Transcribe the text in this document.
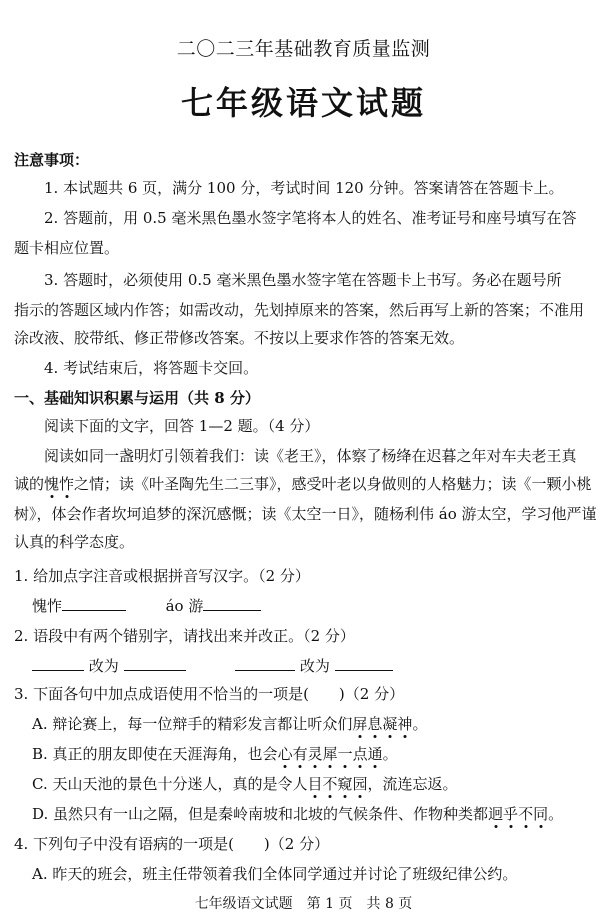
二〇二三年基础教育质量监测
七年级语文试题
注意事项：
1. 本试题共 6 页，满分 100 分，考试时间 120 分钟。答案请答在答题卡上。
2. 答题前，用 0.5 毫米黑色墨水签字笔将本人的姓名、准考证号和座号填写在答
题卡相应位置。
3. 答题时，必须使用 0.5 毫米黑色墨水签字笔在答题卡上书写。务必在题号所
指示的答题区域内作答；如需改动，先划掉原来的答案，然后再写上新的答案；不准用
涂改液、胶带纸、修正带修改答案。不按以上要求作答的答案无效。
4. 考试结束后，将答题卡交回。
一、基础知识积累与运用（共 8 分）
阅读下面的文字，回答 1—2 题。（4 分）
阅读如同一盏明灯引领着我们：读《老王》，体察了杨绛在迟暮之年对车夫老王真
诚的愧怍之情；读《叶圣陶先生二三事》，感受叶老以身做则的人格魅力；读《一颗小桃
树》，体会作者坎坷追梦的深沉感慨；读《太空一日》，随杨利伟 áo 游太空，学习他严谨
认真的科学态度。
1. 给加点字注音或根据拼音写汉字。（2 分）
愧怍	áo 游
2. 语段中有两个错别字，请找出来并改正。（2 分）
改为	改为
3. 下面各句中加点成语使用不恰当的一项是(　　)（2 分）
A. 辩论赛上，每一位辩手的精彩发言都让听众们屏息凝神。
B. 真正的朋友即使在天涯海角，也会心有灵犀一点通。
C. 天山天池的景色十分迷人，真的是令人目不窥园，流连忘返。
D. 虽然只有一山之隔，但是秦岭南坡和北坡的气候条件、作物种类都迥乎不同。
4. 下列句子中没有语病的一项是(　　)（2 分）
A. 昨天的班会，班主任带领着我们全体同学通过并讨论了班级纪律公约。
七年级语文试题　第 1 页　共 8 页
